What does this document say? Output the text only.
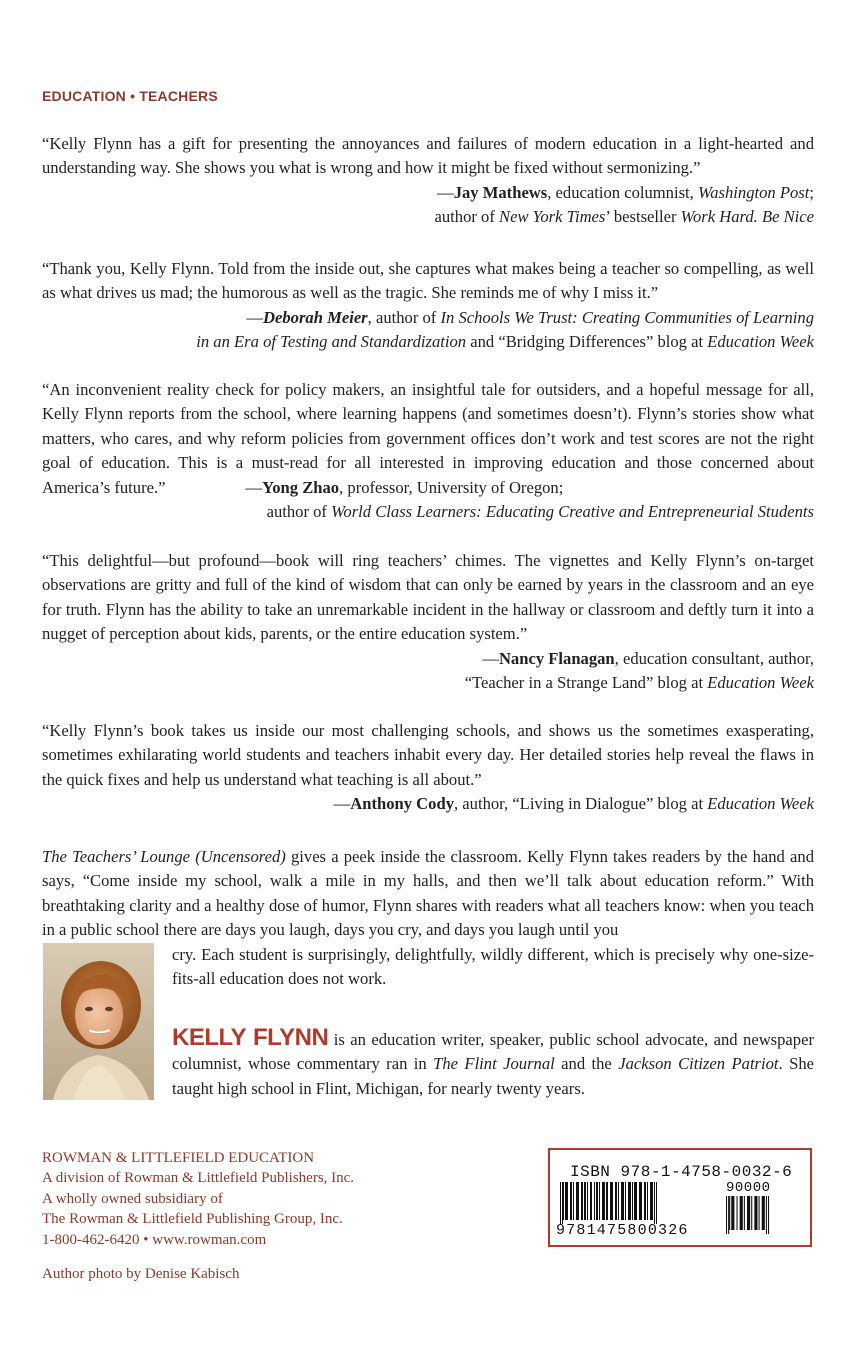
EDUCATION • TEACHERS

“Kelly Flynn has a gift for presenting the annoyances and failures of modern education in a light-hearted and understanding way. She shows you what is wrong and how it might be fixed without sermonizing.”

—Jay Mathews, education columnist, Washington Post;

author of New York Times’ bestseller Work Hard. Be Nice

“Thank you, Kelly Flynn. Told from the inside out, she captures what makes being a teacher so compelling, as well as what drives us mad; the humorous as well as the tragic. She reminds me of why I miss it.”

—Deborah Meier, author of In Schools We Trust: Creating Communities of Learning

in an Era of Testing and Standardization and “Bridging Differences” blog at Education Week

“An inconvenient reality check for policy makers, an insightful tale for outsiders, and a hopeful message for all, Kelly Flynn reports from the school, where learning happens (and sometimes doesn’t). Flynn’s stories show what matters, who cares, and why reform policies from government offices don’t work and test scores are not the right goal of education. This is a must-read for all interested in improving education and those concerned about America’s future.”	—Yong Zhao, professor, University of Oregon;

author of World Class Learners: Educating Creative and Entrepreneurial Students

“This delightful—but profound—book will ring teachers’ chimes. The vignettes and Kelly Flynn’s on-target observations are gritty and full of the kind of wisdom that can only be earned by years in the classroom and an eye for truth. Flynn has the ability to take an unremarkable incident in the hallway or classroom and deftly turn it into a nugget of perception about kids, parents, or the entire education system.”

—Nancy Flanagan, education consultant, author,

“Teacher in a Strange Land” blog at Education Week

“Kelly Flynn’s book takes us inside our most challenging schools, and shows us the sometimes exasperating, sometimes exhilarating world students and teachers inhabit every day. Her detailed stories help reveal the flaws in the quick fixes and help us understand what teaching is all about.”

—Anthony Cody, author, “Living in Dialogue” blog at Education Week

The Teachers’ Lounge (Uncensored) gives a peek inside the classroom. Kelly Flynn takes readers by the hand and says, “Come inside my school, walk a mile in my halls, and then we’ll talk about education reform.” With breathtaking clarity and a healthy dose of humor, Flynn shares with readers what all teachers know: when you teach in a public school there are days you laugh, days you cry, and days you laugh until you

cry. Each student is surprisingly, delightfully, wildly different, which is precisely why one-size-fits-all education does not work.

KELLY FLYNN is an education writer, speaker, public school advocate, and newspaper columnist, whose commentary ran in The Flint Journal and the Jackson Citizen Patriot. She taught high school in Flint, Michigan, for nearly twenty years.

ROWMAN & LITTLEFIELD EDUCATION
A division of Rowman & Littlefield Publishers, Inc.
A wholly owned subsidiary of
The Rowman & Littlefield Publishing Group, Inc.
1-800-462-6420 • www.rowman.com
Author photo by Denise Kabisch
ISBN 978-1-4758-0032-6
90000
9781475800326
